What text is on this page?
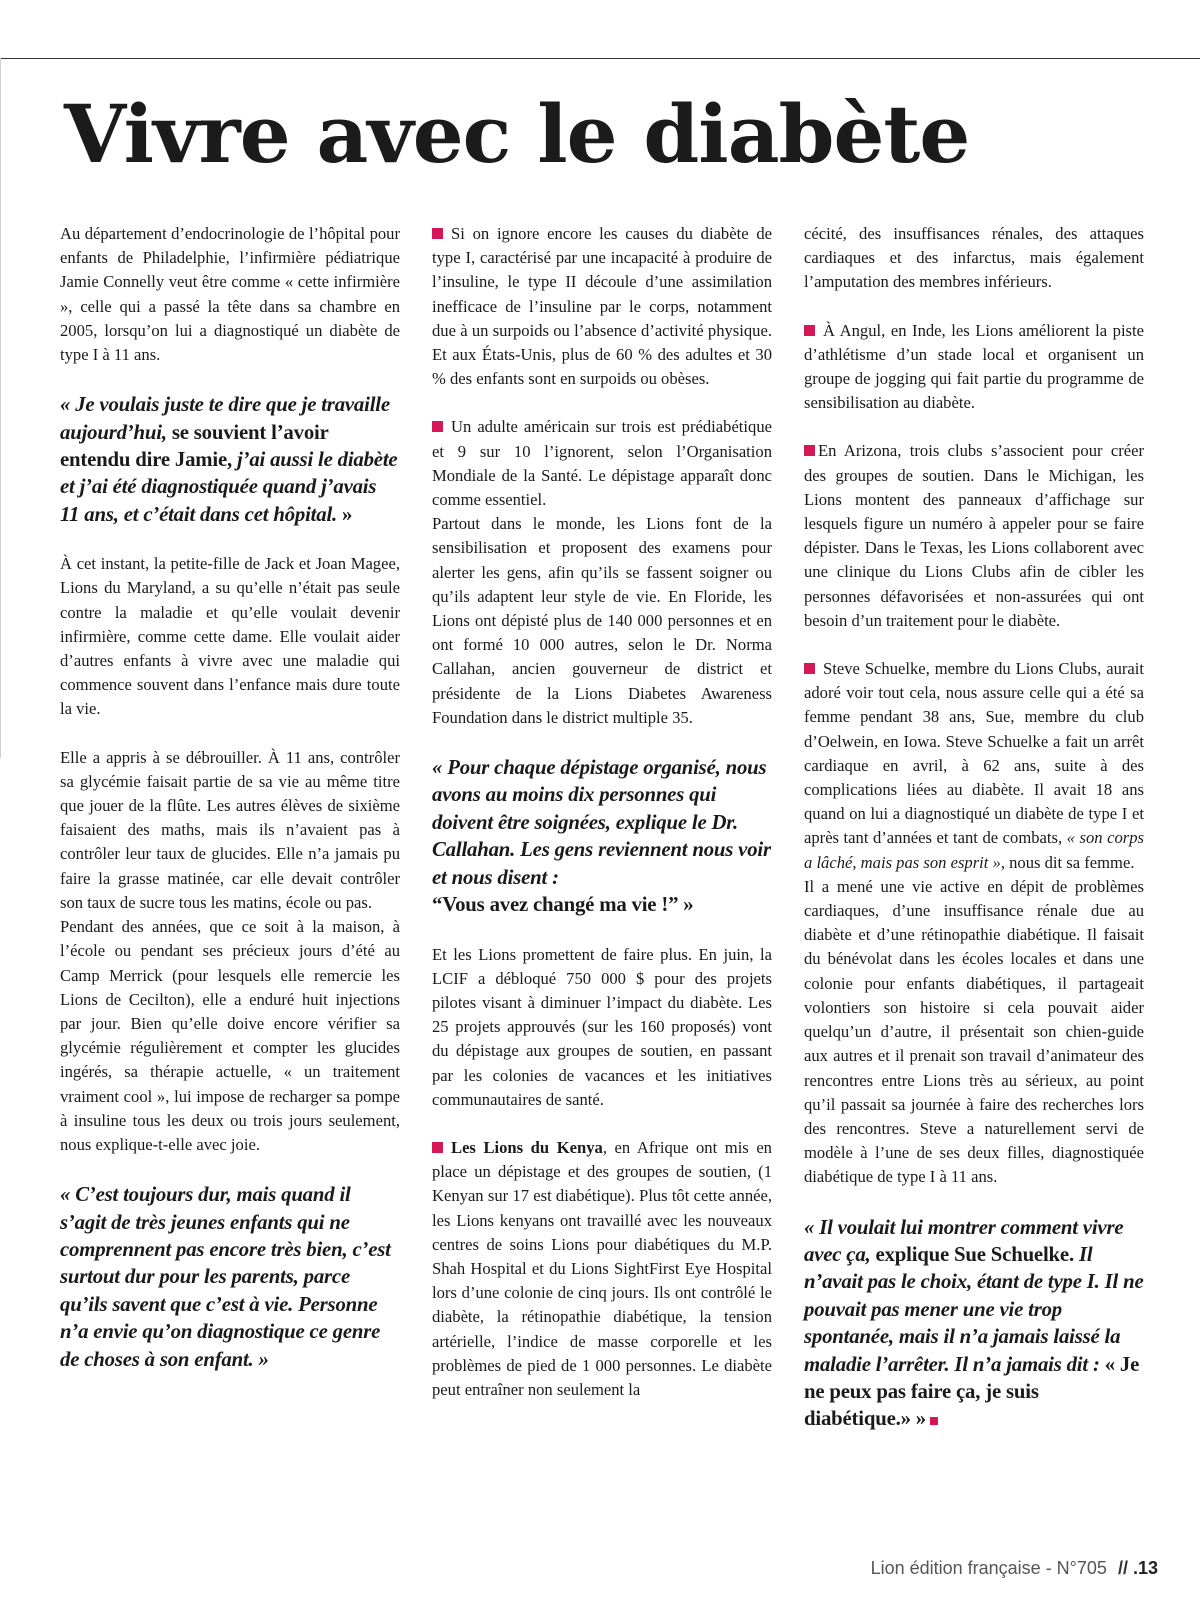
Vivre avec le diabète

Au département d’endocrinologie de l’hôpital pour enfants de Philadelphie, l’infirmière pédiatrique Jamie Connelly veut être comme « cette infirmière », celle qui a passé la tête dans sa chambre en 2005, lorsqu’on lui a diagnostiqué un diabète de type I à 11 ans.

« Je voulais juste te dire que je travaille aujourd’hui, se souvient l’avoir entendu dire Jamie, j’ai aussi le diabète et j’ai été diagnostiquée quand j’avais 11 ans, et c’était dans cet hôpital. »

À cet instant, la petite-fille de Jack et Joan Magee, Lions du Maryland, a su qu’elle n’était pas seule contre la maladie et qu’elle voulait devenir infirmière, comme cette dame. Elle voulait aider d’autres enfants à vivre avec une maladie qui commence souvent dans l’enfance mais dure toute la vie.

Elle a appris à se débrouiller. À 11 ans, contrôler sa glycémie faisait partie de sa vie au même titre que jouer de la flûte. Les autres élèves de sixième faisaient des maths, mais ils n’avaient pas à contrôler leur taux de glucides. Elle n’a jamais pu faire la grasse matinée, car elle devait contrôler son taux de sucre tous les matins, école ou pas.

Pendant des années, que ce soit à la maison, à l’école ou pendant ses précieux jours d’été au Camp Merrick (pour lesquels elle remercie les Lions de Cecilton), elle a enduré huit injections par jour. Bien qu’elle doive encore vérifier sa glycémie régulièrement et compter les glucides ingérés, sa thérapie actuelle, « un traitement vraiment cool », lui impose de recharger sa pompe à insuline tous les deux ou trois jours seulement, nous explique-t-elle avec joie.

« C’est toujours dur, mais quand il s’agit de très jeunes enfants qui ne comprennent pas encore très bien, c’est surtout dur pour les parents, parce qu’ils savent que c’est à vie. Personne n’a envie qu’on diagnostique ce genre de choses à son enfant. »

Si on ignore encore les causes du diabète de type I, caractérisé par une incapacité à produire de l’insuline, le type II découle d’une assimilation inefficace de l’insuline par le corps, notamment due à un surpoids ou l’absence d’activité physique. Et aux États-Unis, plus de 60 % des adultes et 30 % des enfants sont en surpoids ou obèses.

Un adulte américain sur trois est prédiabétique et 9 sur 10 l’ignorent, selon l’Organisation Mondiale de la Santé. Le dépistage apparaît donc comme essentiel.

Partout dans le monde, les Lions font de la sensibilisation et proposent des examens pour alerter les gens, afin qu’ils se fassent soigner ou qu’ils adaptent leur style de vie. En Floride, les Lions ont dépisté plus de 140 000 personnes et en ont formé 10 000 autres, selon le Dr. Norma Callahan, ancien gouverneur de district et présidente de la Lions Diabetes Awareness Foundation dans le district multiple 35.

« Pour chaque dépistage organisé, nous avons au moins dix personnes qui doivent être soignées, explique le Dr. Callahan. Les gens reviennent nous voir et nous disent :
“Vous avez changé ma vie !” »

Et les Lions promettent de faire plus. En juin, la LCIF a débloqué 750 000 $ pour des projets pilotes visant à diminuer l’impact du diabète. Les 25 projets approuvés (sur les 160 proposés) vont du dépistage aux groupes de soutien, en passant par les colonies de vacances et les initiatives communautaires de santé.

Les Lions du Kenya, en Afrique ont mis en place un dépistage et des groupes de soutien, (1 Kenyan sur 17 est diabétique). Plus tôt cette année, les Lions kenyans ont travaillé avec les nouveaux centres de soins Lions pour diabétiques du M.P. Shah Hospital et du Lions SightFirst Eye Hospital lors d’une colonie de cinq jours. Ils ont contrôlé le diabète, la rétinopathie diabétique, la tension artérielle, l’indice de masse corporelle et les problèmes de pied de 1 000 personnes. Le diabète peut entraîner non seulement la

cécité, des insuffisances rénales, des attaques cardiaques et des infarctus, mais également l’amputation des membres inférieurs.

À Angul, en Inde, les Lions améliorent la piste d’athlétisme d’un stade local et organisent un groupe de jogging qui fait partie du programme de sensibilisation au diabète.

En Arizona, trois clubs s’associent pour créer des groupes de soutien. Dans le Michigan, les Lions montent des panneaux d’affichage sur lesquels figure un numéro à appeler pour se faire dépister. Dans le Texas, les Lions collaborent avec une clinique du Lions Clubs afin de cibler les personnes défavorisées et non-assurées qui ont besoin d’un traitement pour le diabète.

Steve Schuelke, membre du Lions Clubs, aurait adoré voir tout cela, nous assure celle qui a été sa femme pendant 38 ans, Sue, membre du club d’Oelwein, en Iowa. Steve Schuelke a fait un arrêt cardiaque en avril, à 62 ans, suite à des complications liées au diabète. Il avait 18 ans quand on lui a diagnostiqué un diabète de type I et après tant d’années et tant de combats, « son corps a lâché, mais pas son esprit », nous dit sa femme.

Il a mené une vie active en dépit de problèmes cardiaques, d’une insuffisance rénale due au diabète et d’une rétinopathie diabétique. Il faisait du bénévolat dans les écoles locales et dans une colonie pour enfants diabétiques, il partageait volontiers son histoire si cela pouvait aider quelqu’un d’autre, il présentait son chien-guide aux autres et il prenait son travail d’animateur des rencontres entre Lions très au sérieux, au point qu’il passait sa journée à faire des recherches lors des rencontres. Steve a naturellement servi de modèle à l’une de ses deux filles, diagnostiquée diabétique de type I à 11 ans.

« Il voulait lui montrer comment vivre avec ça, explique Sue Schuelke. Il n’avait pas le choix, étant de type I. Il ne pouvait pas mener une vie trop spontanée, mais il n’a jamais laissé la maladie l’arrêter. Il n’a jamais dit : « Je ne peux pas faire ça, je suis diabétique.» »

Lion édition française - N°705 // .13
